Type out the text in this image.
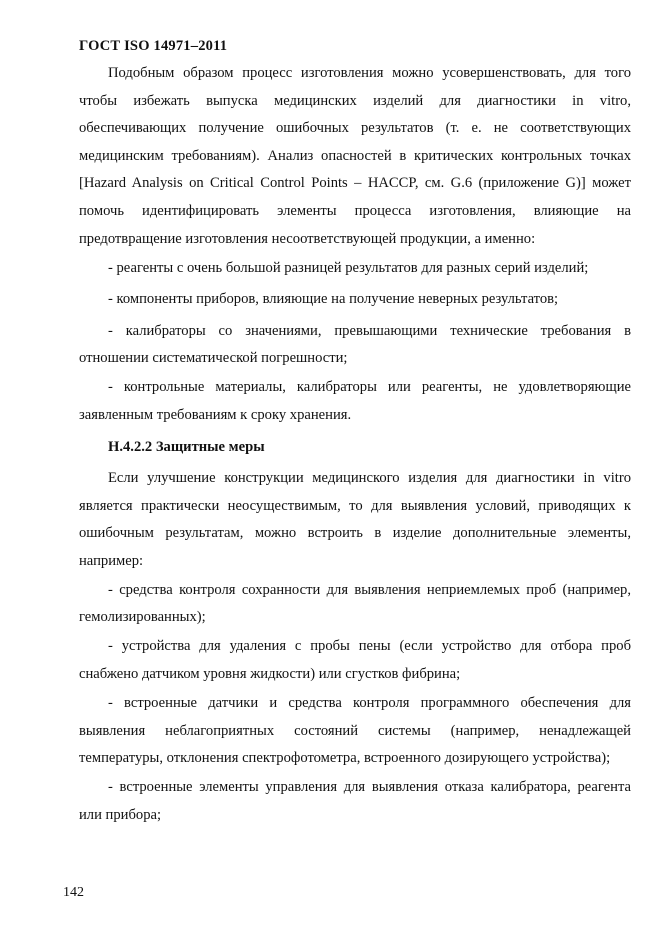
ГОСТ ISO 14971–2011

Подобным образом процесс изготовления можно усовершенствовать, для того чтобы избежать выпуска медицинских изделий для диагностики in vitro, обеспечивающих получение ошибочных результатов (т. е. не соответствующих медицинским требованиям). Анализ опасностей в критических контрольных точках [Hazard Analysis on Critical Control Points – HACCP, см. G.6 (приложение G)] может помочь идентифицировать элементы процесса изготовления, влияющие на предотвращение изготовления несоответствующей продукции, а именно:

- реагенты с очень большой разницей результатов для разных серий изделий;

- компоненты приборов, влияющие на получение неверных результатов;

- калибраторы со значениями, превышающими технические требования в отношении систематической погрешности;

- контрольные материалы, калибраторы или реагенты, не удовлетворяющие заявленным требованиям к сроку хранения.

H.4.2.2 Защитные меры

Если улучшение конструкции медицинского изделия для диагностики in vitro является практически неосуществимым, то для выявления условий, приводящих к ошибочным результатам, можно встроить в изделие дополнительные элементы, например:

- средства контроля сохранности для выявления неприемлемых проб (например, гемолизированных);

- устройства для удаления с пробы пены (если устройство для отбора проб снабжено датчиком уровня жидкости) или сгустков фибрина;

- встроенные датчики и средства контроля программного обеспечения для выявления неблагоприятных состояний системы (например, ненадлежащей температуры, отклонения спектрофотометра, встроенного дозирующего устройства);

- встроенные элементы управления для выявления отказа калибратора, реагента или прибора;

142
